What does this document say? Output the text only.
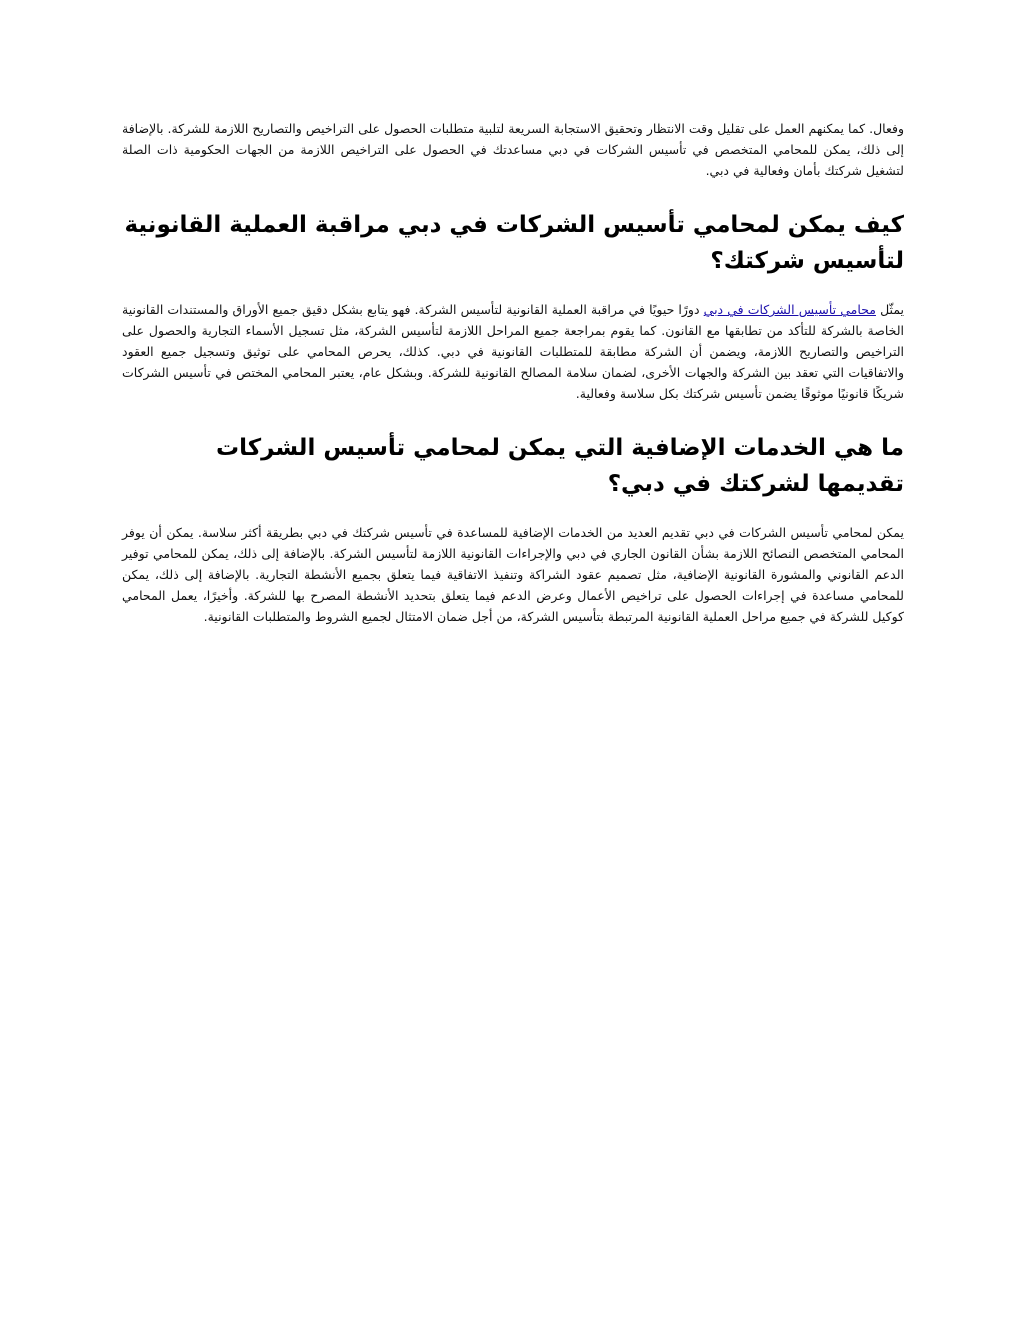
وفعال. كما يمكنهم العمل على تقليل وقت الانتظار وتحقيق الاستجابة السريعة لتلبية متطلبات الحصول على التراخيص والتصاريح اللازمة للشركة. بالإضافة إلى ذلك، يمكن للمحامي المتخصص في تأسيس الشركات في دبي مساعدتك في الحصول على التراخيص اللازمة من الجهات الحكومية ذات الصلة لتشغيل شركتك بأمان وفعالية في دبي.

كيف يمكن لمحامي تأسيس الشركات في دبي مراقبة العملية القانونية لتأسيس شركتك؟

يمثّل محامي تأسيس الشركات في دبي دورًا حيويًا في مراقبة العملية القانونية لتأسيس الشركة. فهو يتابع بشكل دقيق جميع الأوراق والمستندات القانونية الخاصة بالشركة للتأكد من تطابقها مع القانون. كما يقوم بمراجعة جميع المراحل اللازمة لتأسيس الشركة، مثل تسجيل الأسماء التجارية والحصول على التراخيص والتصاريح اللازمة، ويضمن أن الشركة مطابقة للمتطلبات القانونية في دبي. كذلك، يحرص المحامي على توثيق وتسجيل جميع العقود والاتفاقيات التي تعقد بين الشركة والجهات الأخرى، لضمان سلامة المصالح القانونية للشركة. وبشكل عام، يعتبر المحامي المختص في تأسيس الشركات شريكًا قانونيًا موثوقًا يضمن تأسيس شركتك بكل سلاسة وفعالية.

ما هي الخدمات الإضافية التي يمكن لمحامي تأسيس الشركات تقديمها لشركتك في دبي؟

يمكن لمحامي تأسيس الشركات في دبي تقديم العديد من الخدمات الإضافية للمساعدة في تأسيس شركتك في دبي بطريقة أكثر سلاسة. يمكن أن يوفر المحامي المتخصص النصائح اللازمة بشأن القانون الجاري في دبي والإجراءات القانونية اللازمة لتأسيس الشركة. بالإضافة إلى ذلك، يمكن للمحامي توفير الدعم القانوني والمشورة القانونية الإضافية، مثل تصميم عقود الشراكة وتنفيذ الاتفاقية فيما يتعلق بجميع الأنشطة التجارية. بالإضافة إلى ذلك، يمكن للمحامي مساعدة في إجراءات الحصول على تراخيص الأعمال وعرض الدعم فيما يتعلق بتحديد الأنشطة المصرح بها للشركة. وأخيرًا، يعمل المحامي كوكيل للشركة في جميع مراحل العملية القانونية المرتبطة بتأسيس الشركة، من أجل ضمان الامتثال لجميع الشروط والمتطلبات القانونية.
